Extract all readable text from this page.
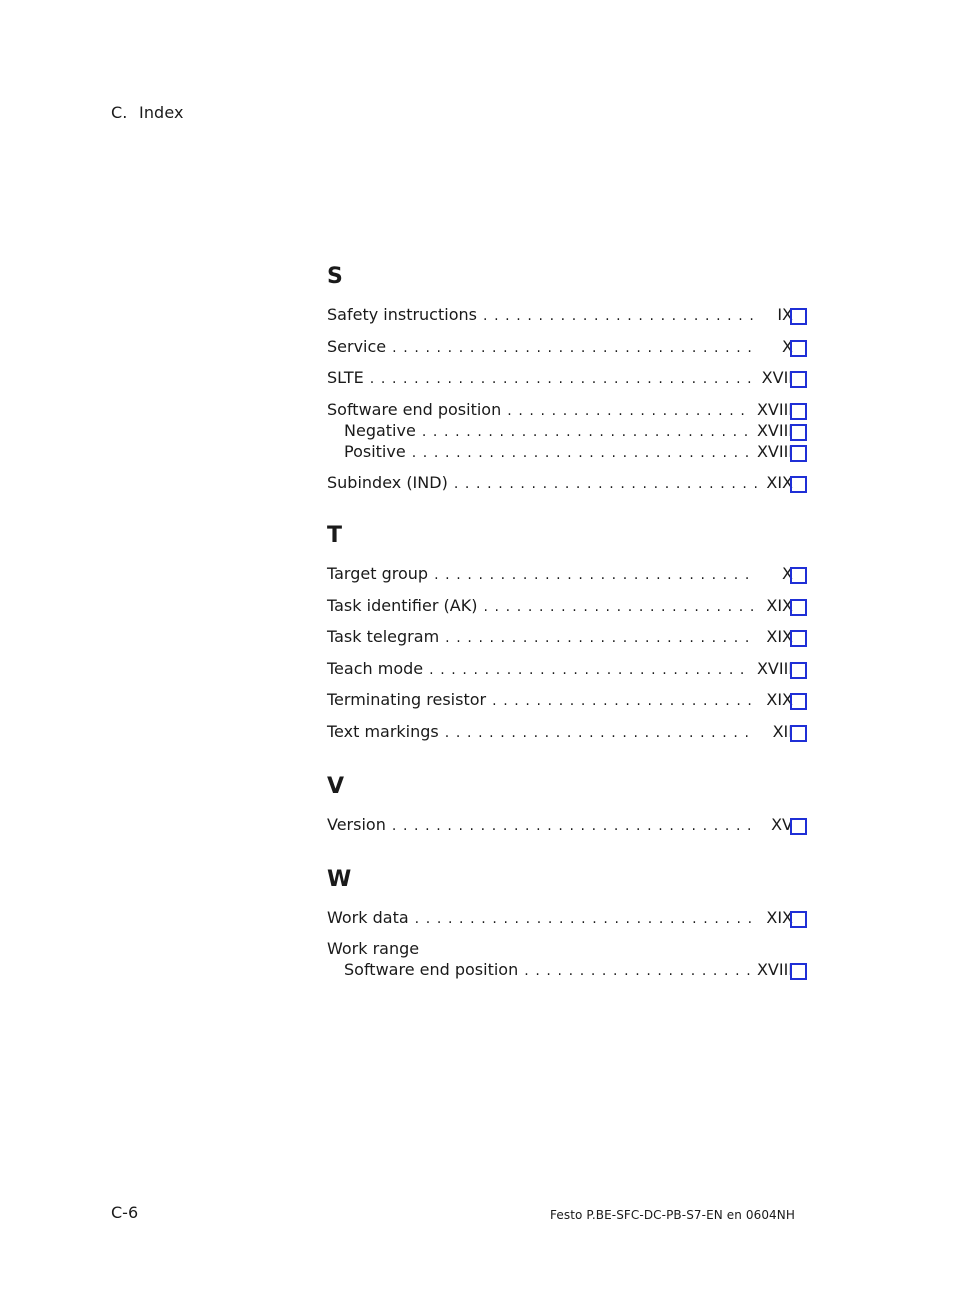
C. Index
S
Safety instructions . . .	IX
Service . . .	X
SLTE . . .	XVII
Software end position . . .	XVIII
Negative . . .	XVIII
Positive . . .	XVIII
Subindex (IND) . . .	XIX
T
Target group . . .	X
Task identifier (AK) . . .	XIX
Task telegram . . .	XIX
Teach mode . . .	XVIII
Terminating resistor . . .	XIX
Text markings . . .	XII
V
Version . . .	XV
W
Work data . . .	XIX
Work range
Software end position . . .	XVIII
C-6	Festo P.BE-SFC-DC-PB-S7-EN en 0604NH
